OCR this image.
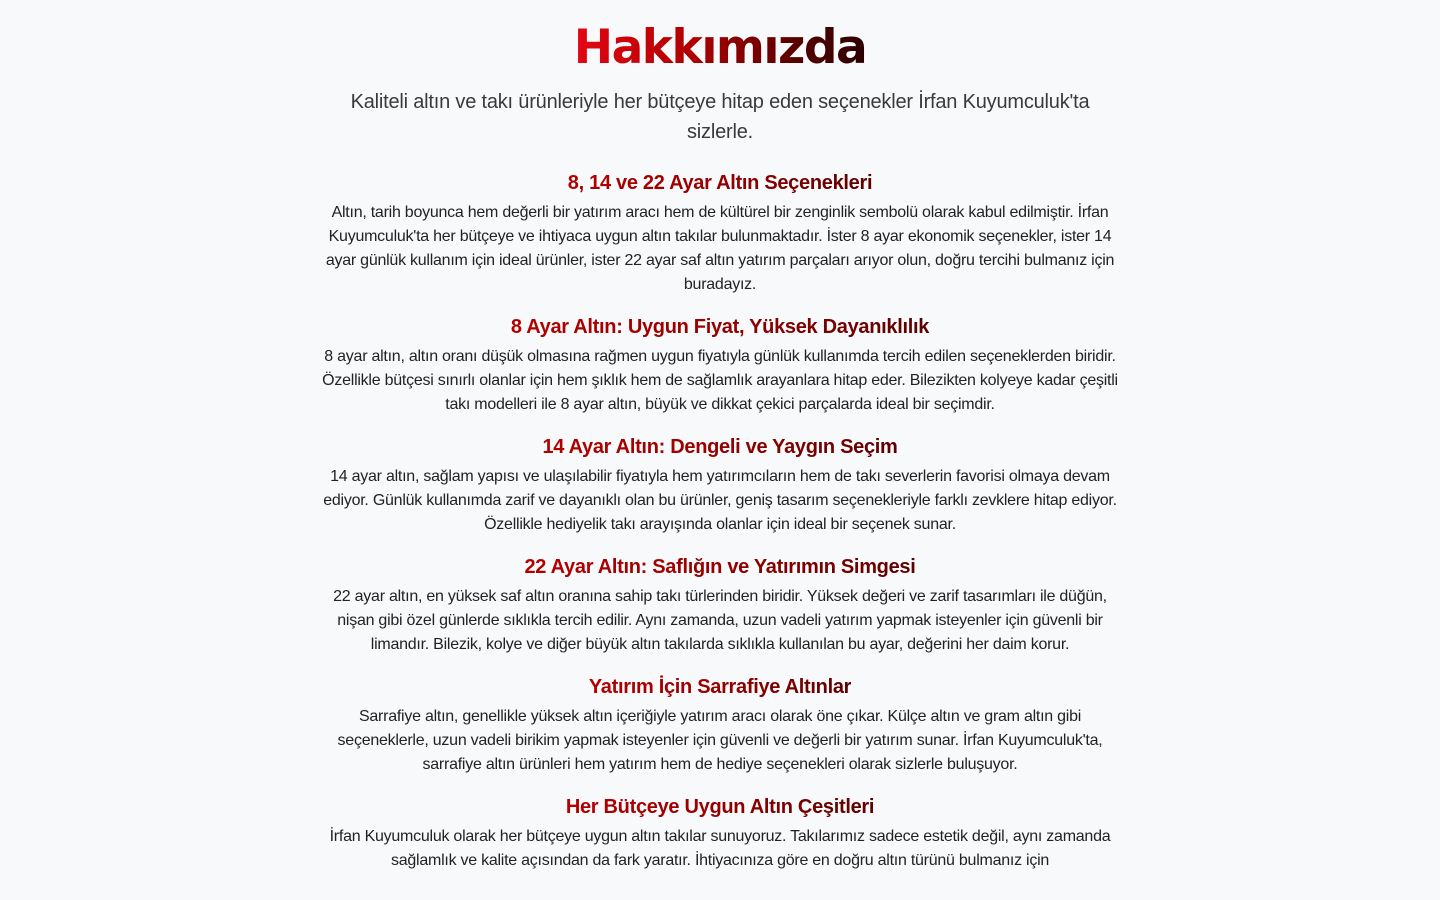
Hakkımızda

Kaliteli altın ve takı ürünleriyle her bütçeye hitap eden seçenekler İrfan Kuyumculuk'ta sizlerle.

8, 14 ve 22 Ayar Altın Seçenekleri

Altın, tarih boyunca hem değerli bir yatırım aracı hem de kültürel bir zenginlik sembolü olarak kabul edilmiştir. İrfan Kuyumculuk'ta her bütçeye ve ihtiyaca uygun altın takılar bulunmaktadır. İster 8 ayar ekonomik seçenekler, ister 14 ayar günlük kullanım için ideal ürünler, ister 22 ayar saf altın yatırım parçaları arıyor olun, doğru tercihi bulmanız için buradayız.

8 Ayar Altın: Uygun Fiyat, Yüksek Dayanıklılık

8 ayar altın, altın oranı düşük olmasına rağmen uygun fiyatıyla günlük kullanımda tercih edilen seçeneklerden biridir. Özellikle bütçesi sınırlı olanlar için hem şıklık hem de sağlamlık arayanlara hitap eder. Bilezikten kolyeye kadar çeşitli takı modelleri ile 8 ayar altın, büyük ve dikkat çekici parçalarda ideal bir seçimdir.

14 Ayar Altın: Dengeli ve Yaygın Seçim

14 ayar altın, sağlam yapısı ve ulaşılabilir fiyatıyla hem yatırımcıların hem de takı severlerin favorisi olmaya devam ediyor. Günlük kullanımda zarif ve dayanıklı olan bu ürünler, geniş tasarım seçenekleriyle farklı zevklere hitap ediyor. Özellikle hediyelik takı arayışında olanlar için ideal bir seçenek sunar.

22 Ayar Altın: Saflığın ve Yatırımın Simgesi

22 ayar altın, en yüksek saf altın oranına sahip takı türlerinden biridir. Yüksek değeri ve zarif tasarımları ile düğün, nişan gibi özel günlerde sıklıkla tercih edilir. Aynı zamanda, uzun vadeli yatırım yapmak isteyenler için güvenli bir limandır. Bilezik, kolye ve diğer büyük altın takılarda sıklıkla kullanılan bu ayar, değerini her daim korur.

Yatırım İçin Sarrafiye Altınlar

Sarrafiye altın, genellikle yüksek altın içeriğiyle yatırım aracı olarak öne çıkar. Külçe altın ve gram altın gibi seçeneklerle, uzun vadeli birikim yapmak isteyenler için güvenli ve değerli bir yatırım sunar. İrfan Kuyumculuk'ta, sarrafiye altın ürünleri hem yatırım hem de hediye seçenekleri olarak sizlerle buluşuyor.

Her Bütçeye Uygun Altın Çeşitleri

İrfan Kuyumculuk olarak her bütçeye uygun altın takılar sunuyoruz. Takılarımız sadece estetik değil, aynı zamanda sağlamlık ve kalite açısından da fark yaratır. İhtiyacınıza göre en doğru altın türünü bulmanız için
